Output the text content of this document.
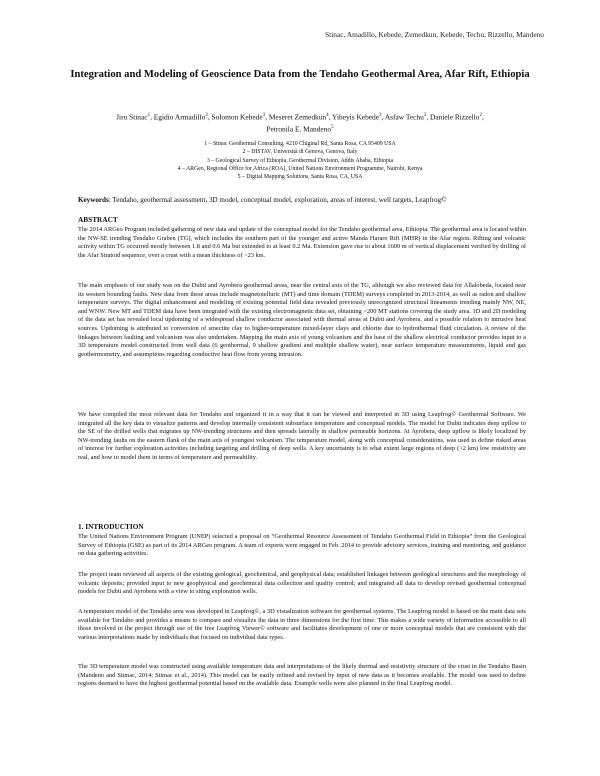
Stinac, Amadillo, Kebede, Zemedkun, Kebede, Techu, Rizzello, Mandeno
Integration and Modeling of Geoscience Data from the Tendaho Geothermal Area, Afar Rift, Ethiopia
Jiru Stinac$^1$, Egidio Armadillo$^2$, Solomon Kebede$^3$, Meseret Zemedkun$^4$, Yiheyis Kebede$^3$, Asfaw Techu$^3$, Daniele Rizzello$^2$,
Petronila E. Mandeno$^5$
1 – Stinac Geothermal Consulting, 4210 Chiginal Rd, Santa Rosa, CA 95409 USA
2 – DISTAV, Università di Genova, Genova, Italy
3 – Geological Survey of Ethiopia, Geothermal Division, Addis Ababa, Ethiopia
4 – ARGeo, Regional Office for Africa (ROA), United Nations Environment Programme, Nairobi, Kenya
5 – Digital Mapping Solutions, Santa Rosa, CA, USA
Keywords: Tendaho, geothermal assessment, 3D model, conceptual model, exploration, areas of interest, well targets, Leapfrog©
ABSTRACT

The 2014 ARGeo Program included gathering of new data and update of the conceptual model for the Tendaho geothermal area, Ethiopia. The geothermal area is located within the NW-SE trending Tendaho Graben (TG), which includes the southern part of the younger and active Manda Hararo Rift (MHR) in the Afar region. Rifting and volcanic activity within TG occurred mostly between 1.8 and 0.6 Ma but extended to at least 0.2 Ma. Extension gave rise to about 1600 m of vertical displacement verified by drilling of the Afar Stratoid sequence, over a crust with a mean thickness of ~23 km.

The main emphasis of our study was on the Dubti and Ayrobera geothermal areas, near the central axis of the TG, although we also reviewed data for Allalobeda, located near its western bounding faults. New data from these areas include magnetotelluric (MT) and time domain (TDEM) surveys completed in 2013-2014, as well as radon and shallow temperature surveys. The digital enhancement and modeling of existing potential field data revealed previously unrecognized structural lineaments trending mainly NW, NE, and WNW. New MT and TDEM data have been integrated with the existing electromagnetic data set, obtaining >200 MT stations covering the study area. 1D and 2D modeling of the data set has revealed local updoming of a widespread shallow conductor associated with thermal areas at Dubti and Ayrobera, and a possible relation to intrusive heat sources. Updoming is attributed to conversion of smectite clay to higher-temperature mixed-layer clays and chlorite due to hydrothermal fluid circulation. A review of the linkages between faulting and volcanism was also undertaken. Mapping the main axis of young volcanism and the base of the shallow electrical conductor provides input to a 3D temperature model constructed from well data (6 geothermal, 9 shallow gradient and multiple shallow water), near surface temperature measurements, liquid and gas geothermometry, and assumptions regarding conductive heat flow from young intrusion.

We have compiled the most relevant data for Tendaho and organized it in a way that it can be viewed and interpreted in 3D using Leapfrog© Geothermal Software. We integrated all the key data to visualize patterns and develop internally consistent subsurface temperature and conceptual models. The model for Dubti indicates deep upflow to the SE of the drilled wells that migrates up NW-trending structures and then spreads laterally in shallow permeable horizons. At Ayrobera, deep upflow is likely localized by NW-trending faults on the eastern flank of the main axis of youngest volcanism. The temperature model, along with conceptual considerations, was used to define risked areas of interest for further exploration activities including targeting and drilling of deep wells. A key uncertainty is to what extent large regions of deep (>2 km) low resistivity are real, and how to model them in terms of temperature and permeability.

1. INTRODUCTION

The United Nations Environment Program (UNEP) selected a proposal on “Geothermal Resource Assessment of Tendaho Geothermal Field in Ethiopia” from the Geological Survey of Ethiopia (GSE) as part of its 2014 ARGeo program. A team of experts were engaged in Feb. 2014 to provide advisory services, training and mentoring, and guidance on data gathering activities.

The project team reviewed all aspects of the existing geological, geochemical, and geophysical data; established linkages between geological structures and the morphology of volcanic deposits; provided input to new geophysical and geochemical data collection and quality control; and integrated all data to develop revised geothermal conceptual models for Dubti and Ayrobera with a view to siting exploration wells.

A temperature model of the Tendaho area was developed in Leapfrog©, a 3D visualization software for geothermal systems. The Leapfrog model is based on the main data sets available for Tendaho and provides a means to compare and visualize the data in three dimensions for the first time. This makes a wide variety of information accessible to all those involved in the project through use of the free Leapfrog Viewer© software and facilitates development of one or more conceptual models that are consistent with the various interpretations made by individuals that focused on individual data types.

The 3D temperature model was constructed using available temperature data and interpretations of the likely thermal and resistivity structure of the crust in the Tendaho Basin (Mandeno and Stimac, 2014; Stimac et al., 2014). This model can be easily refined and revised by input of new data as it becomes available. The model was used to define regions deemed to have the highest geothermal potential based on the available data. Example wells were also planned in the final Leapfrog model.
